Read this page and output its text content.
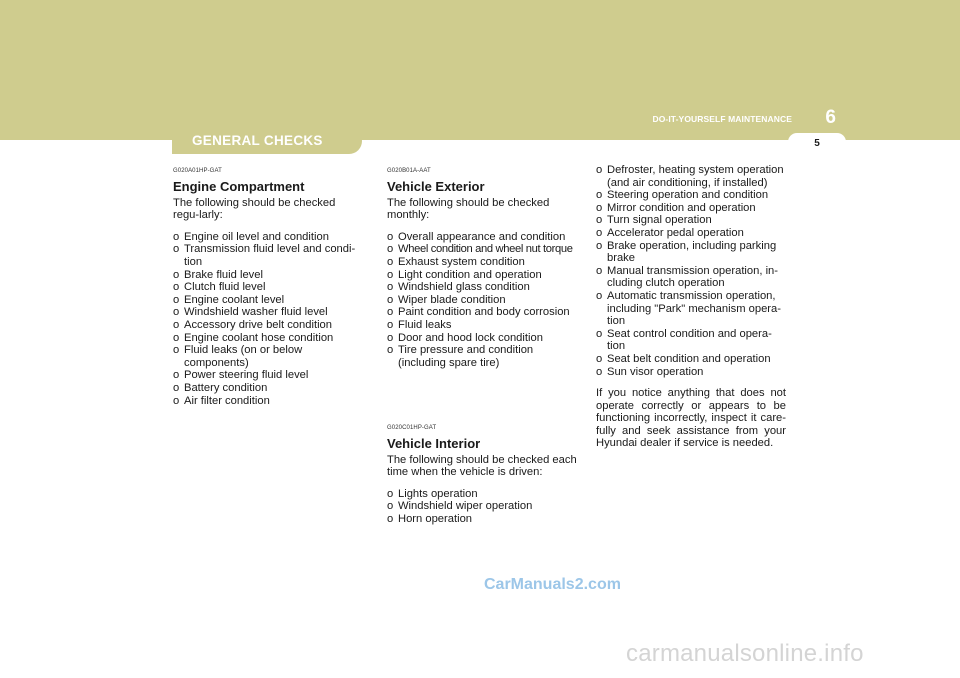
6
DO-IT-YOURSELF MAINTENANCE
5
GENERAL CHECKS
G020A01HP-GAT
Engine Compartment

The following should be checked regu-larly:

o Engine oil level and condition
o Transmission fluid level and condi-tion
o Brake fluid level
o Clutch fluid level
o Engine coolant level
o Windshield washer fluid level
o Accessory drive belt condition
o Engine coolant hose condition
o Fluid leaks (on or below components)
o Power steering fluid level
o Battery condition
o Air filter condition
G020B01A-AAT
Vehicle Exterior

The following should be checked monthly:

o Overall appearance and condition
o Wheel condition and wheel nut torque
o Exhaust system condition
o Light condition and operation
o Windshield glass condition
o Wiper blade condition
o Paint condition and body corrosion
o Fluid leaks
o Door and hood lock condition
o Tire pressure and condition (including spare tire)
G020C01HP-GAT
Vehicle Interior

The following should be checked each time when the vehicle is driven:

o Lights operation
o Windshield wiper operation
o Horn operation
o Defroster, heating system operation (and air conditioning, if installed)
o Steering operation and condition
o Mirror condition and operation
o Turn signal operation
o Accelerator pedal operation
o Brake operation, including parking brake
o Manual transmission operation, in-cluding clutch operation
o Automatic transmission operation, including "Park" mechanism opera-tion
o Seat control condition and opera-tion
o Seat belt condition and operation
o Sun visor operation

If you notice anything that does not operate correctly or appears to be functioning incorrectly, inspect it care-fully and seek assistance from your Hyundai dealer if service is needed.

CarManuals2.com
carmanualsonline.info
